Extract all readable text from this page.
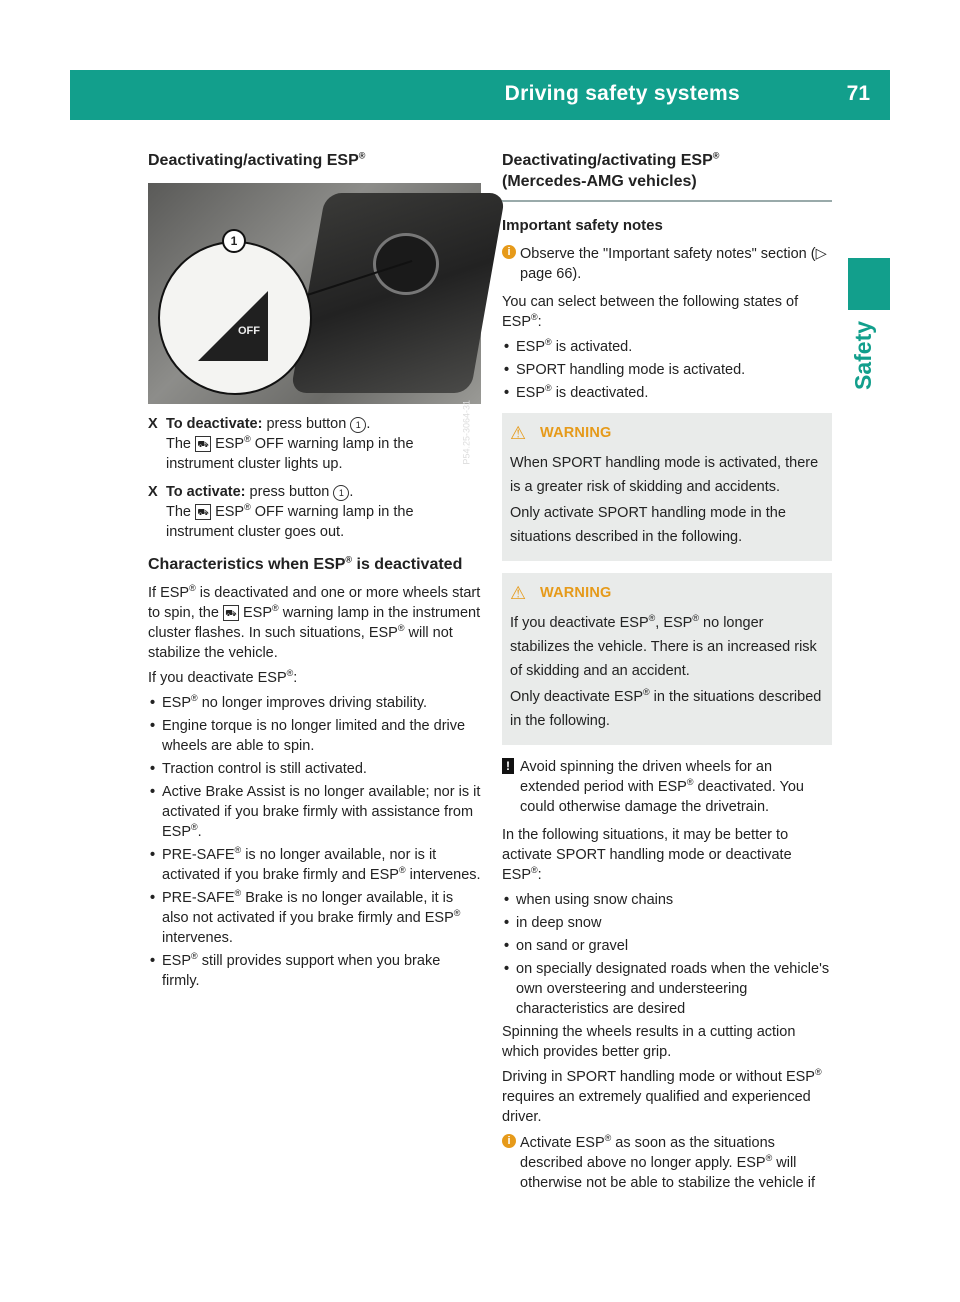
Driving safety systems	71
Safety
Deactivating/activating ESP®
OFF
1
P54.25-3064-31
X To deactivate: press button 1 .
The ⛟ ESP® OFF warning lamp in the instrument cluster lights up.

X To activate: press button 1 .
The ⛟ ESP® OFF warning lamp in the instrument cluster goes out.

Characteristics when ESP® is deactivated

If ESP® is deactivated and one or more wheels start to spin, the ⛟ ESP® warning lamp in the instrument cluster flashes. In such situations, ESP® will not stabilize the vehicle.

If you deactivate ESP®:

• ESP® no longer improves driving stability.
• Engine torque is no longer limited and the drive wheels are able to spin.
• Traction control is still activated.
• Active Brake Assist is no longer available; nor is it activated if you brake firmly with assistance from ESP®.
• PRE-SAFE® is no longer available, nor is it activated if you brake firmly and ESP® intervenes.
• PRE-SAFE® Brake is no longer available, it is also not activated if you brake firmly and ESP® intervenes.
• ESP® still provides support when you brake firmly.
Deactivating/activating ESP®
(Mercedes-AMG vehicles)
Important safety notes
i Observe the "Important safety notes" section (▷ page 66).

You can select between the following states of ESP®:

• ESP® is activated.
• SPORT handling mode is activated.
• ESP® is deactivated.
⚠ WARNING

When SPORT handling mode is activated, there is a greater risk of skidding and accidents.

Only activate SPORT handling mode in the situations described in the following.

⚠ WARNING

If you deactivate ESP®, ESP® no longer stabilizes the vehicle. There is an increased risk of skidding and an accident.

Only deactivate ESP® in the situations described in the following.

! Avoid spinning the driven wheels for an extended period with ESP® deactivated. You could otherwise damage the drivetrain.

In the following situations, it may be better to activate SPORT handling mode or deactivate ESP®:

• when using snow chains
• in deep snow
• on sand or gravel
• on specially designated roads when the vehicle's own oversteering and understeering characteristics are desired

Spinning the wheels results in a cutting action which provides better grip.

Driving in SPORT handling mode or without ESP® requires an extremely qualified and experienced driver.

i Activate ESP® as soon as the situations described above no longer apply. ESP® will otherwise not be able to stabilize the vehicle if
